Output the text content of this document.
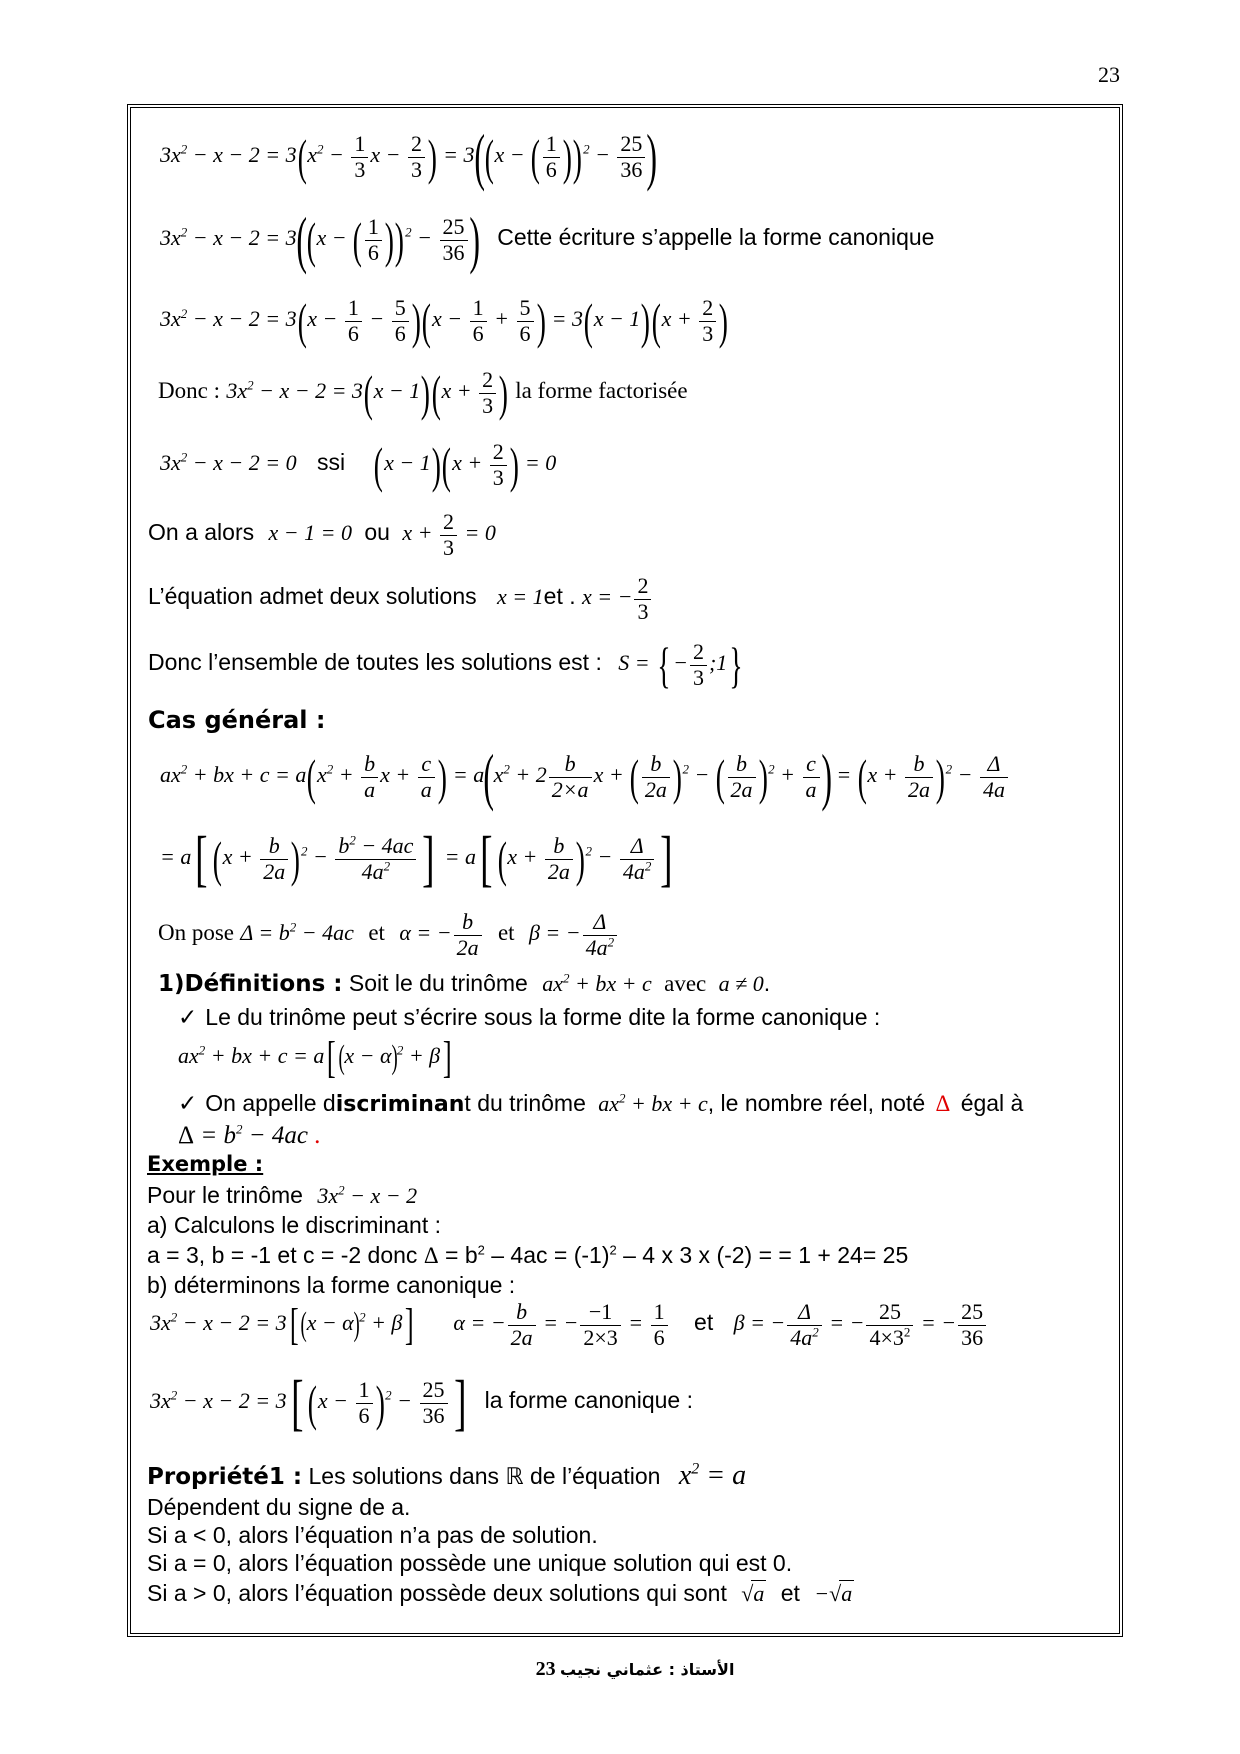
23
$3x^2 - x - 2 = 3(x^2 - \frac{1}{3}$ $x - \frac{2}{3}$ ) = 3((x − ( $\frac{1}{6} ))^2 - \frac{25}{36}$ )
$3x^2 - x - 2 = 3((x$ − ( $\frac{1}{6} ))^2 - \frac{25}{36}$ ) Cette écriture s’appelle la forme canonique
$3x^2 - x - 2 = 3(x - \frac{1}{6} - \frac{5}{6} )(x - \frac{1}{6} + \frac{5}{6}$ ) = $3(x - 1)(x + \frac{2}{3}$ )
Donc : $3x^2 - x - 2 = 3(x - 1)(x + \frac{2}{3}$ ) la forme factorisée
$3x^2 - x - 2 = 0$ ssi $(x - 1)(x + \frac{2}{3}$ ) = 0
On a alors x − 1 = 0 ou $x + \frac{2}{3} = 0$
L’équation admet deux solutions x = 1et . x = − $\frac{2}{3}$
Donc l’ensemble de toutes les solutions est : S = { − $\frac{2}{3}$ ;1}
Cas général :
$ax^2$ + bx + $c = a(x^2 + \frac{b}{a}$ $x + \frac{c}{a}$ ) = $a(x^2 + 2 \frac{b}{2\times a}$ x + ( $\frac{b}{2a} )^2$ − ( $\frac{b}{2a} )^2 + \frac{c}{a}$ ) = $(x + \frac{b}{2a} )^2 - \frac{\Delta}{4a}$
= $a[(x + \frac{b}{2a} )^2 - \frac{b^2 - 4ac}{4a^2}$ ] = $a[(x + \frac{b}{2a} )^2 - \frac{\Delta}{4a^2}$ ]
On pose $\Delta = b^2 - 4ac$ et α = − $\frac{b}{2a}$ et β = − $\frac{\Delta}{4a^2}$
1)Définitions : Soit le du trinôme $ax^2$ + bx + c avec a ≠ 0.
✓ Le du trinôme peut s’écrire sous la forme dite la forme canonique :
$ax^2$ + bx + $c = a[(x - \alpha)^2 + \beta]$
✓ On appelle discriminant du trinôme $ax^2$ + bx + c, le nombre réel, noté Δ égal à
$\Delta = b^2 - 4ac$ .
Exemple :
Pour le trinôme $3x^2 - x - 2$
a) Calculons le discriminant :
a = 3, b = -1 et c = -2 donc $\Delta = b^2 - 4ac = (-1)^2 - 4$ x 3 x (-2) = = 1 + 24= 25
b) déterminons la forme canonique :
$3x^2 - x - 2 = 3[(x - \alpha)^2 + \beta] \alpha$ = − $\frac{b}{2a}$ = − $\frac{-1}{2\times 3} = \frac{1}{6}$ et β = − $\frac{\Delta}{4a^2}$ = − $\frac{25}{4\times 3^2}$ = − $\frac{25}{36}$
$3x^2 - x - 2 = 3[(x - \frac{1}{6} )^2 - \frac{25}{36}$ ] la forme canonique :
Propriété1 : Les solutions dans ℝ de l’équation $x^2 = a$
Dépendent du signe de a.
Si a < 0, alors l’équation n’a pas de solution.
Si a = 0, alors l’équation possède une unique solution qui est 0.
Si a > 0, alors l’équation possède deux solutions qui sont √a et −√a
الأستاذ : عثماني نجيب 23
